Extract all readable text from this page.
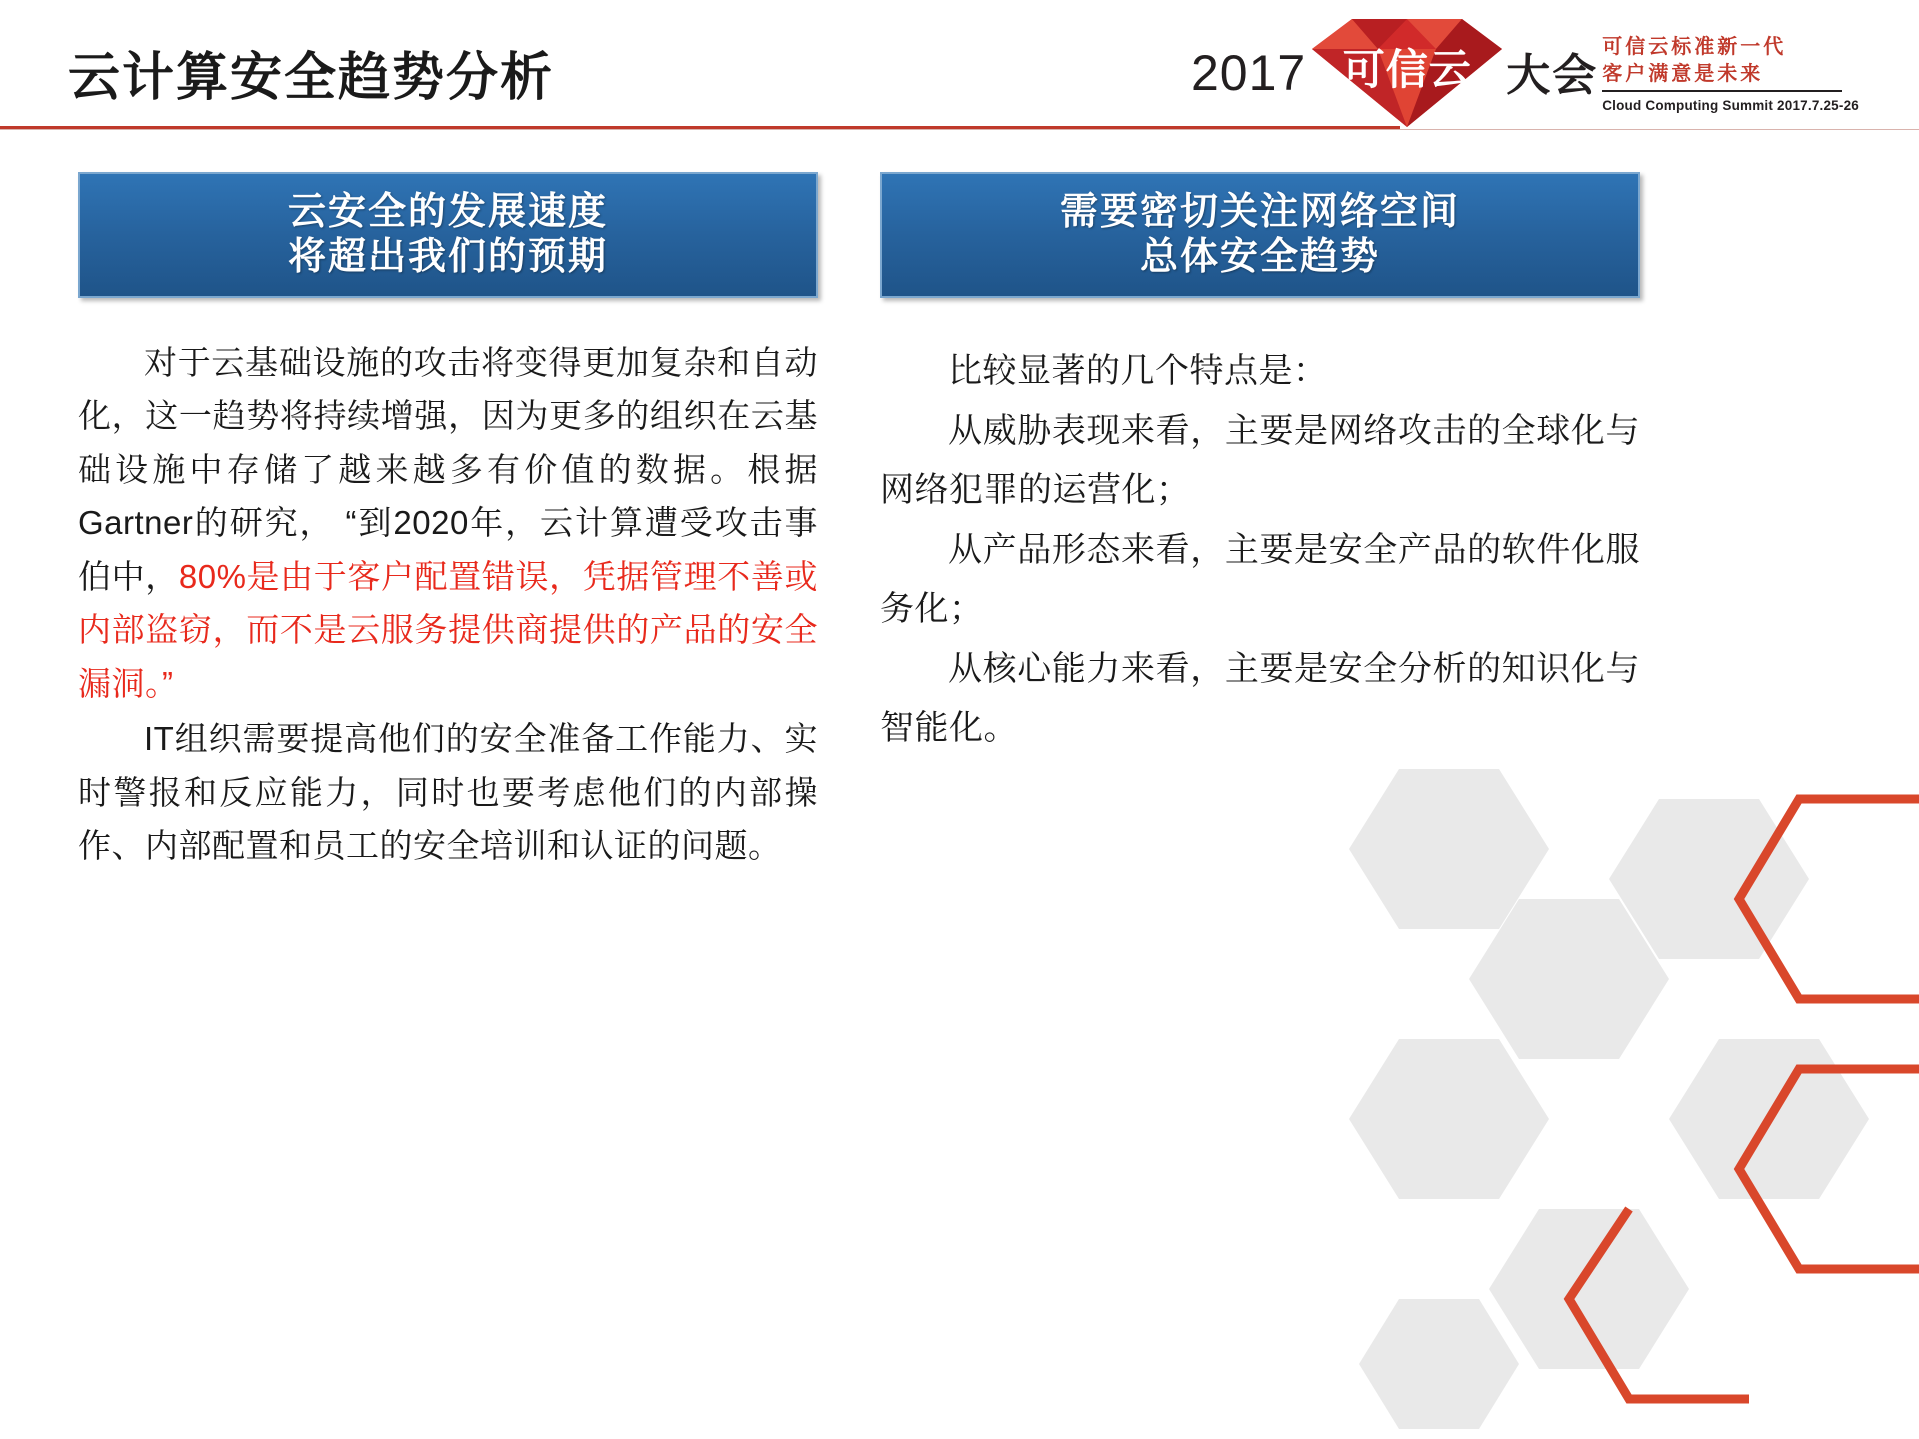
云计算安全趋势分析	2017 可信云 大会
可信云标准新一代
客户满意是未来
Cloud Computing Summit 2017.7.25-26
云安全的发展速度
将超出我们的预期

对于云基础设施的攻击将变得更加复杂和自动化，这一趋势将持续增强，因为更多的组织在云基础设施中存储了越来越多有价值的数据。根据Gartner的研究， “到2020年，云计算遭受攻击事伯中，80%是由于客户配置错误，凭据管理不善或内部盗窃，而不是云服务提供商提供的产品的安全漏洞。”

IT组织需要提高他们的安全准备工作能力、实时警报和反应能力，同时也要考虑他们的内部操作、内部配置和员工的安全培训和认证的问题。

需要密切关注网络空间
总体安全趋势

比较显著的几个特点是：

从威胁表现来看，主要是网络攻击的全球化与网络犯罪的运营化；

从产品形态来看，主要是安全产品的软件化服务化；

从核心能力来看，主要是安全分析的知识化与智能化。
